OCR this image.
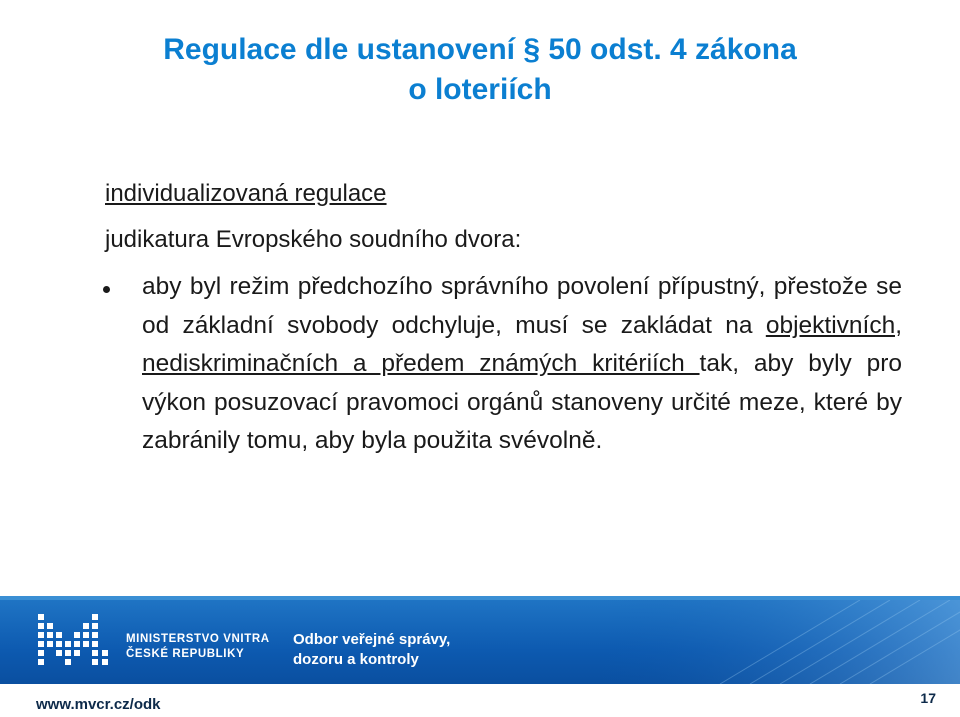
Regulace dle ustanovení § 50 odst. 4 zákona
o loteriích
individualizovaná regulace
judikatura Evropského soudního dvora:
aby byl režim předchozího správního povolení přípustný, přestože se od základní svobody odchyluje, musí se zakládat na objektivních, nediskriminačních a předem známých kritériích tak, aby byly pro výkon posuzovací pravomoci orgánů stanoveny určité meze, které by zabránily tomu, aby byla použita svévolně.
MINISTERSTVO VNITRA
ČESKÉ REPUBLIKY
Odbor veřejné správy,
dozoru a kontroly
www.mvcr.cz/odk	17
